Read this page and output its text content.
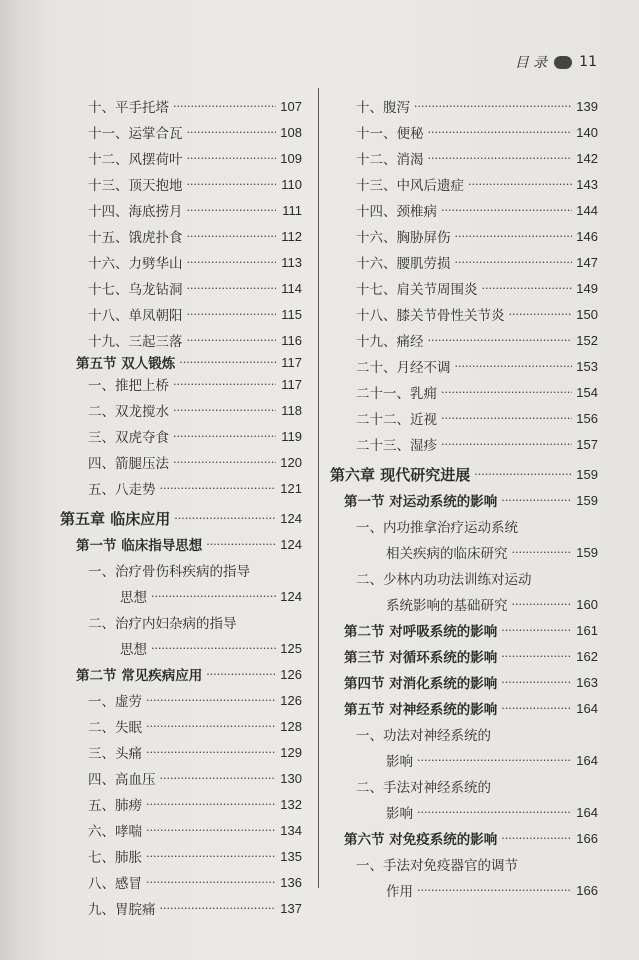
目 录 11
十、平手托塔 ·····	107
十一、运掌合瓦 ·····	108
十二、风摆荷叶 ·····	109
十三、顶天抱地 ·····	110
十四、海底捞月 ·····	111
十五、饿虎扑食 ·····	112
十六、力劈华山 ·····	113
十七、乌龙钻洞 ·····	114
十八、单凤朝阳 ·····	115
十九、三起三落 ·····	116
第五节 双人锻炼 ·····	117
一、推把上桥 ·····	117
二、双龙搅水 ·····	118
三、双虎夺食 ·····	119
四、箭腿压法 ·····	120
五、八走势 ·····	121
第五章 临床应用 ·····	124
第一节 临床指导思想 ·····	124
一、治疗骨伤科疾病的指导
思想 ·····	124
二、治疗内妇杂病的指导
思想 ·····	125
第二节 常见疾病应用 ·····	126
一、虚劳 ·····	126
二、失眠 ·····	128
三、头痛 ·····	129
四、高血压 ·····	130
五、肺痨 ·····	132
六、哮喘 ·····	134
七、肺胀 ·····	135
八、感冒 ·····	136
九、胃脘痛 ·····	137
十、腹泻 ·····	139
十一、便秘 ·····	140
十二、消渴 ·····	142
十三、中风后遗症 ·····	143
十四、颈椎病 ·····	144
十六、胸胁屏伤 ·····	146
十六、腰肌劳损 ·····	147
十七、肩关节周围炎 ·····	149
十八、膝关节骨性关节炎 ·····	150
十九、痛经 ·····	152
二十、月经不调 ·····	153
二十一、乳痈 ·····	154
二十二、近视 ·····	156
二十三、湿疹 ·····	157
第六章 现代研究进展 ·····	159
第一节 对运动系统的影响 ·····	159
一、内功推拿治疗运动系统
相关疾病的临床研究 ·····	159
二、少林内功功法训练对运动
系统影响的基础研究 ·····	160
第二节 对呼吸系统的影响 ·····	161
第三节 对循环系统的影响 ·····	162
第四节 对消化系统的影响 ·····	163
第五节 对神经系统的影响 ·····	164
一、功法对神经系统的
影响 ·····	164
二、手法对神经系统的
影响 ·····	164
第六节 对免疫系统的影响 ·····	166
一、手法对免疫器官的调节
作用 ·····	166
